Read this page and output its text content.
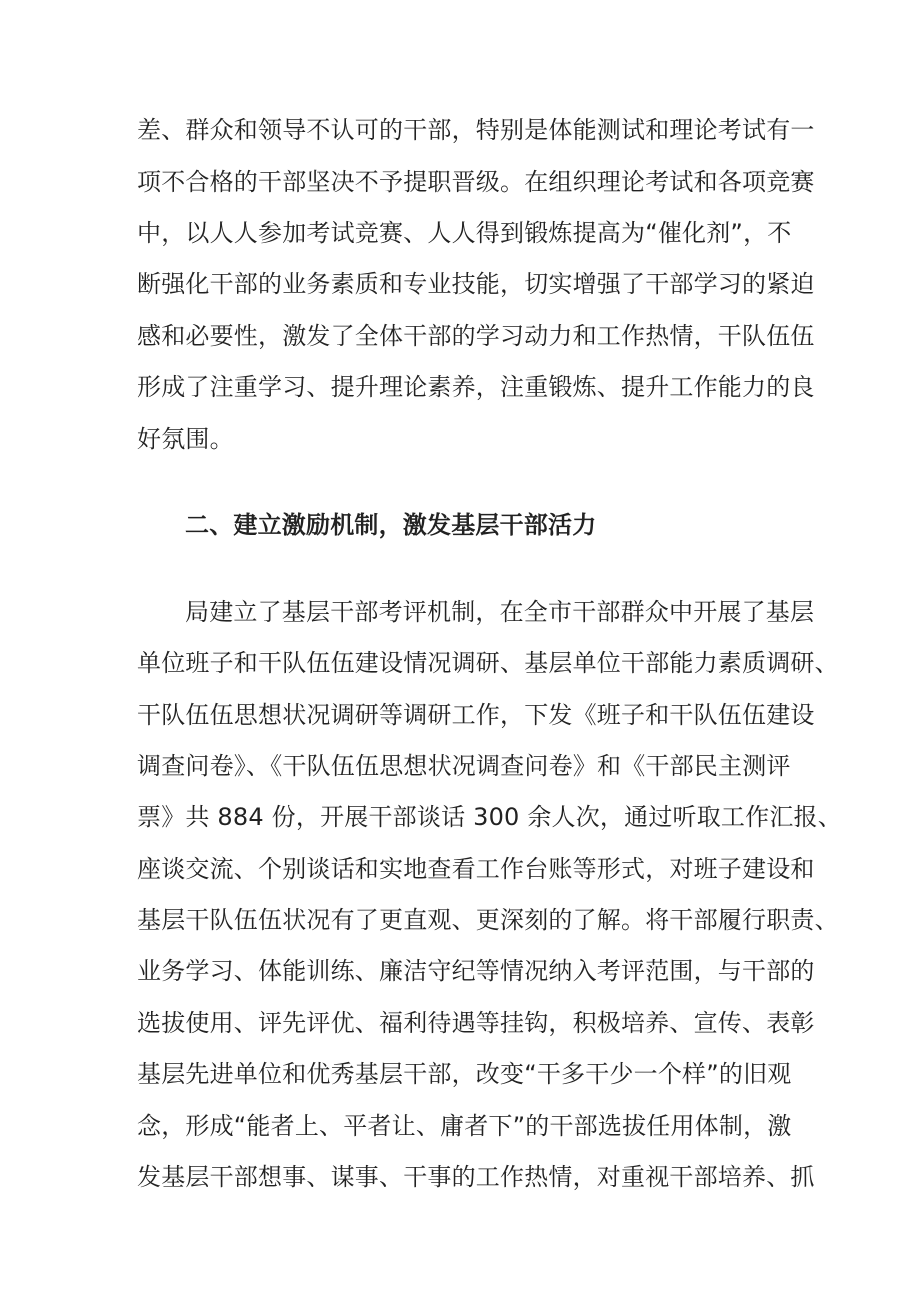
差、群众和领导不认可的干部，特别是体能测试和理论考试有一

项不合格的干部坚决不予提职晋级。在组织理论考试和各项竞赛

中，以人人参加考试竞赛、人人得到锻炼提高为“催化剂”，不

断强化干部的业务素质和专业技能，切实增强了干部学习的紧迫

感和必要性，激发了全体干部的学习动力和工作热情，干队伍伍

形成了注重学习、提升理论素养，注重锻炼、提升工作能力的良

好氛围。

二、建立激励机制，激发基层干部活力

局建立了基层干部考评机制，在全市干部群众中开展了基层

单位班子和干队伍伍建设情况调研、基层单位干部能力素质调研、

干队伍伍思想状况调研等调研工作，下发《班子和干队伍伍建设

调查问卷》、《干队伍伍思想状况调查问卷》和《干部民主测评

票》共 884 份，开展干部谈话 300 余人次，通过听取工作汇报、

座谈交流、个别谈话和实地查看工作台账等形式，对班子建设和

基层干队伍伍状况有了更直观、更深刻的了解。将干部履行职责、

业务学习、体能训练、廉洁守纪等情况纳入考评范围，与干部的

选拔使用、评先评优、福利待遇等挂钩，积极培养、宣传、表彰

基层先进单位和优秀基层干部，改变“干多干少一个样”的旧观

念，形成“能者上、平者让、庸者下”的干部选拔任用体制，激

发基层干部想事、谋事、干事的工作热情，对重视干部培养、抓
